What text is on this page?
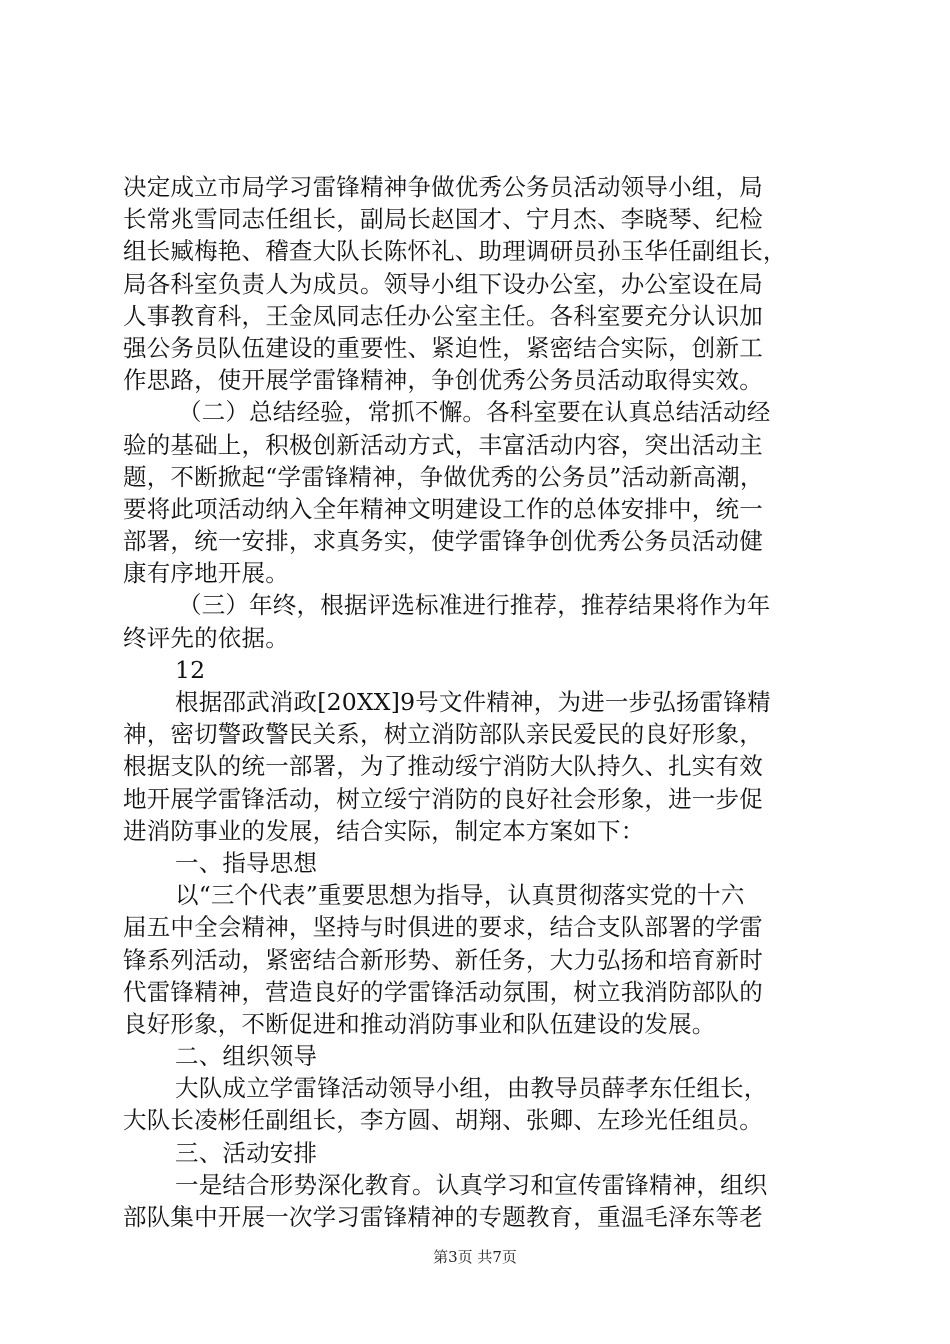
决定成立市局学习雷锋精神争做优秀公务员活动领导小组，局
长常兆雪同志任组长，副局长赵国才、宁月杰、李晓琴、纪检
组长臧梅艳、稽查大队长陈怀礼、助理调研员孙玉华任副组长，
局各科室负责人为成员。领导小组下设办公室，办公室设在局
人事教育科，王金凤同志任办公室主任。各科室要充分认识加
强公务员队伍建设的重要性、紧迫性，紧密结合实际，创新工
作思路，使开展学雷锋精神，争创优秀公务员活动取得实效。
（二）总结经验，常抓不懈。各科室要在认真总结活动经
验的基础上，积极创新活动方式，丰富活动内容，突出活动主
题，不断掀起“学雷锋精神，争做优秀的公务员”活动新高潮，
要将此项活动纳入全年精神文明建设工作的总体安排中，统一
部署，统一安排，求真务实，使学雷锋争创优秀公务员活动健
康有序地开展。
（三）年终，根据评选标准进行推荐，推荐结果将作为年
终评先的依据。
12
根据邵武消政[20XX]9号文件精神，为进一步弘扬雷锋精
神，密切警政警民关系，树立消防部队亲民爱民的良好形象，
根据支队的统一部署，为了推动绥宁消防大队持久、扎实有效
地开展学雷锋活动，树立绥宁消防的良好社会形象，进一步促
进消防事业的发展，结合实际，制定本方案如下：
一、指导思想
以“三个代表”重要思想为指导，认真贯彻落实党的十六
届五中全会精神，坚持与时俱进的要求，结合支队部署的学雷
锋系列活动，紧密结合新形势、新任务，大力弘扬和培育新时
代雷锋精神，营造良好的学雷锋活动氛围，树立我消防部队的
良好形象，不断促进和推动消防事业和队伍建设的发展。
二、组织领导
大队成立学雷锋活动领导小组，由教导员薛孝东任组长，
大队长凌彬任副组长，李方圆、胡翔、张卿、左珍光任组员。
三、活动安排
一是结合形势深化教育。认真学习和宣传雷锋精神，组织
部队集中开展一次学习雷锋精神的专题教育，重温毛泽东等老
第3页 共7页
